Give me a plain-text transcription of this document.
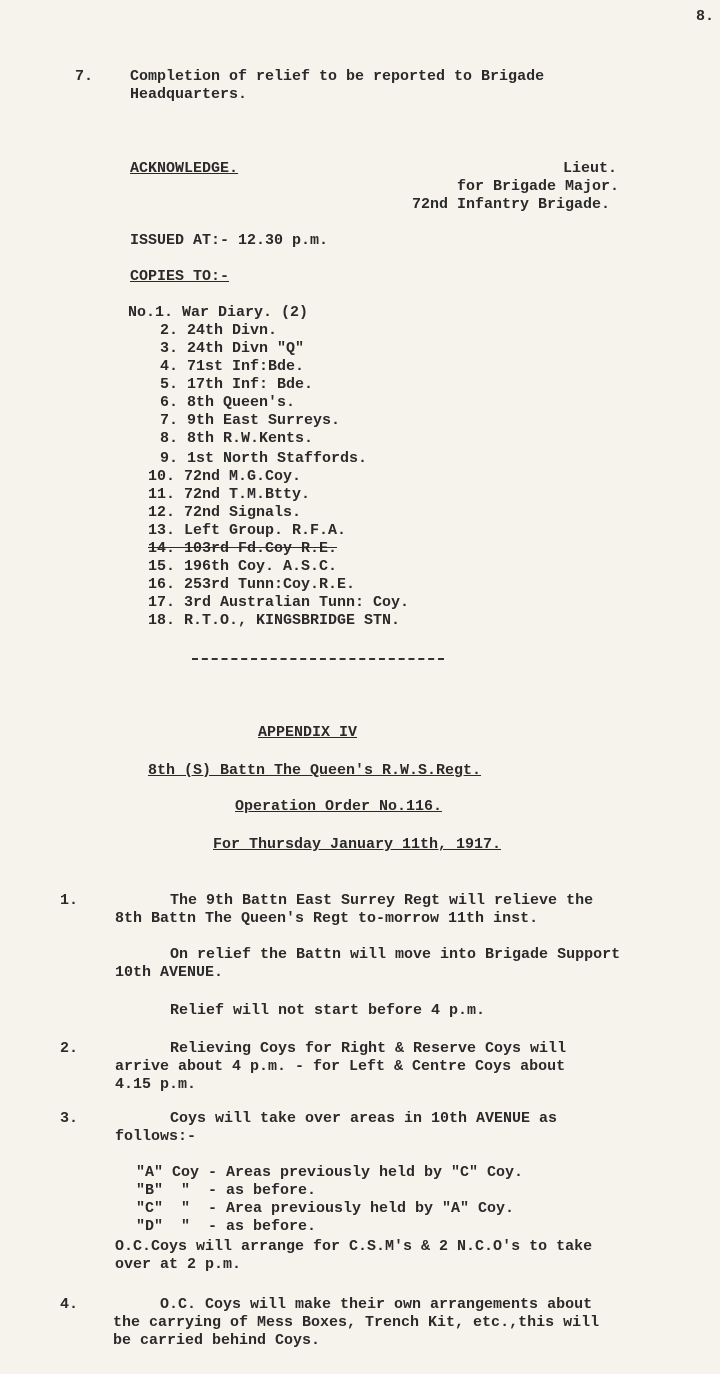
8.
7. Completion of relief to be reported to Brigade
Headquarters.
ACKNOWLEDGE.	Lieut.
for Brigade Major.
72nd Infantry Brigade.
ISSUED AT:- 12.30 p.m.
COPIES TO:-
No.1. War Diary. (2)
2. 24th Divn.
3. 24th Divn "Q"
4. 71st Inf:Bde.
5. 17th Inf: Bde.
6. 8th Queen's.
7. 9th East Surreys.
8. 8th R.W.Kents.
9. 1st North Staffords.
10. 72nd M.G.Coy.
11. 72nd T.M.Btty.
12. 72nd Signals.
13. Left Group. R.F.A.
14. 103rd Fd.Coy R.E.
15. 196th Coy. A.S.C.
16. 253rd Tunn:Coy.R.E.
17. 3rd Australian Tunn: Coy.
18. R.T.O., KINGSBRIDGE STN.
APPENDIX IV
8th (S) Battn The Queen's R.W.S.Regt.
Operation Order No.116.
For Thursday January 11th, 1917.
1.	The 9th Battn East Surrey Regt will relieve the
8th Battn The Queen's Regt to-morrow 11th inst.
On relief the Battn will move into Brigade Support
10th AVENUE.
Relief will not start before 4 p.m.
2.	Relieving Coys for Right & Reserve Coys will
arrive about 4 p.m. - for Left & Centre Coys about
4.15 p.m.
3.	Coys will take over areas in 10th AVENUE as
follows:-
"A" Coy - Areas previously held by "C" Coy.
"B"  "  - as before.
"C"  "  - Area previously held by "A" Coy.
"D"  "  - as before.
O.C.Coys will arrange for C.S.M's & 2 N.C.O's to take
over at 2 p.m.
4.	O.C. Coys will make their own arrangements about
the carrying of Mess Boxes, Trench Kit, etc.,this will
be carried behind Coys.
